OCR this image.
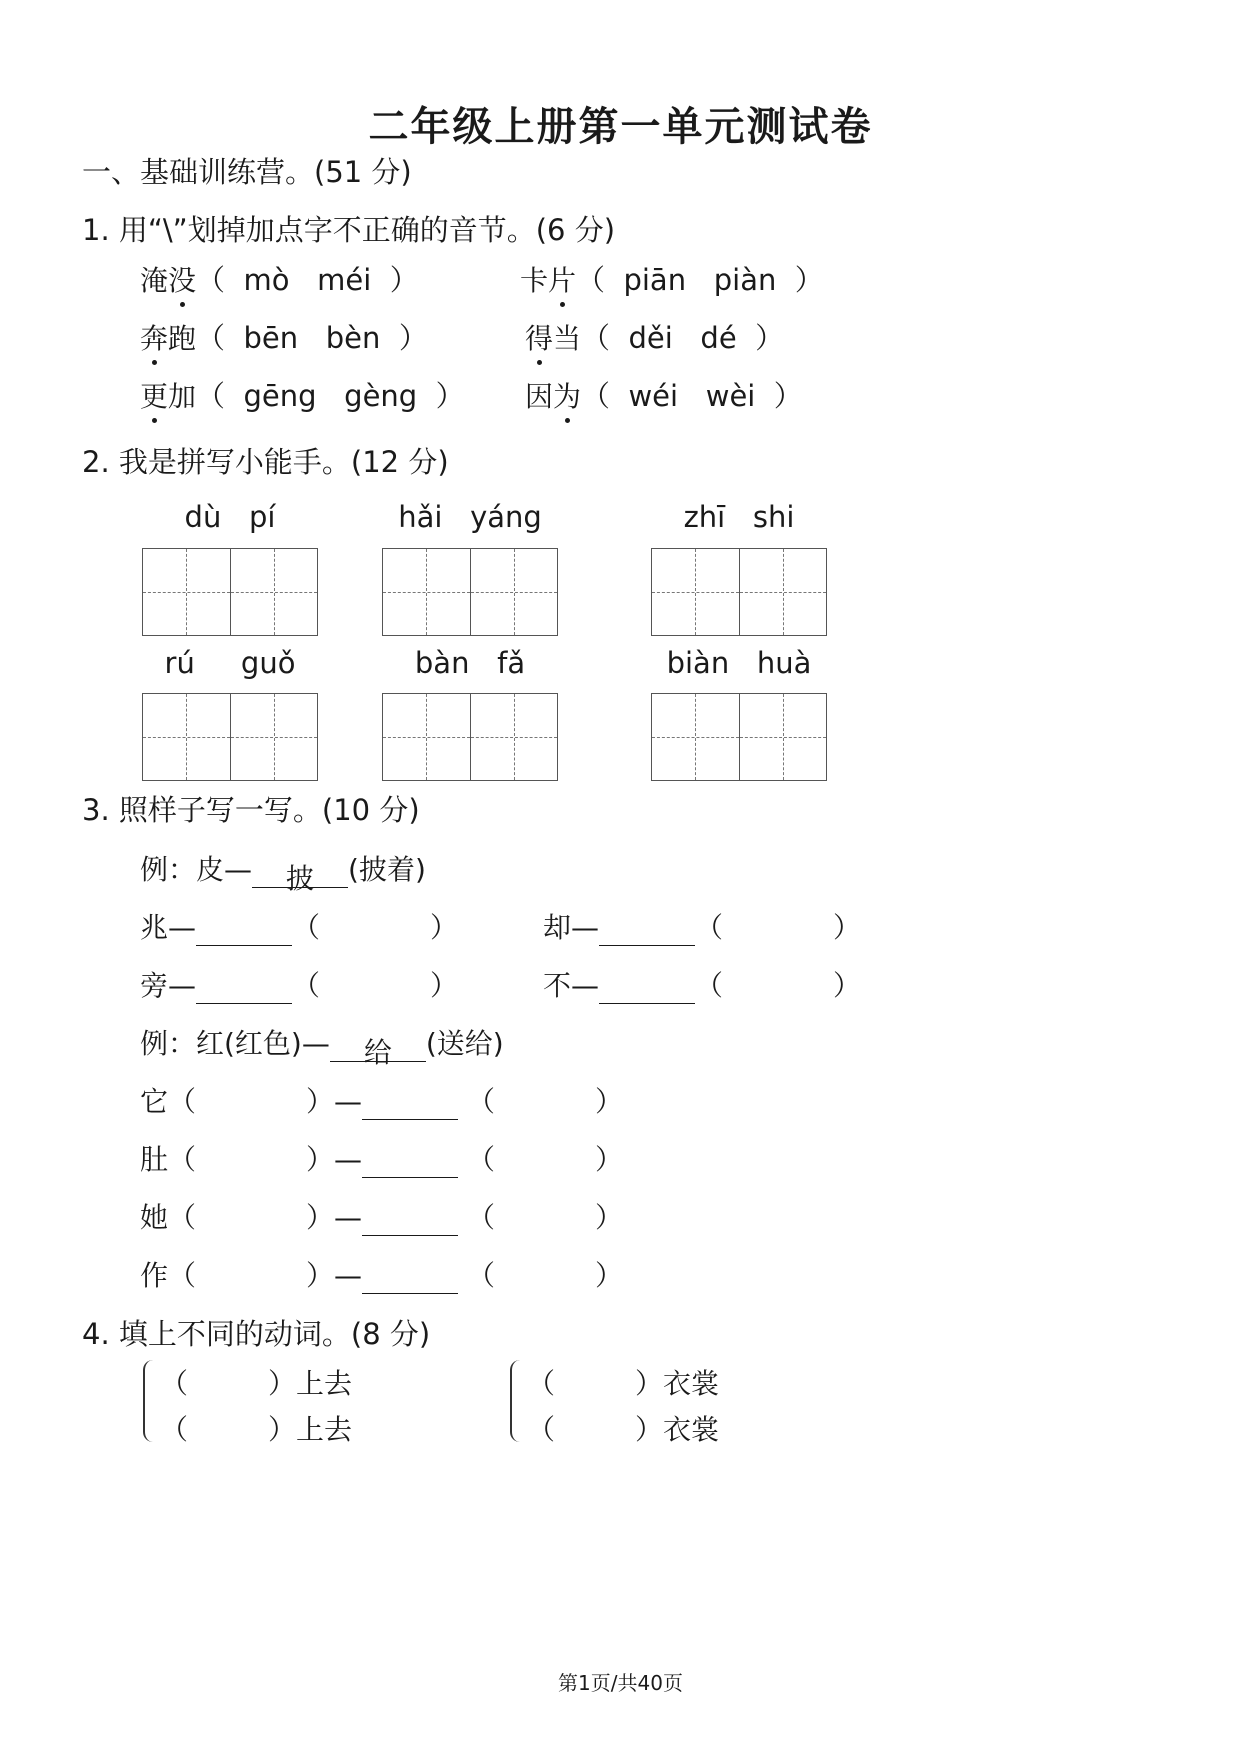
二年级上册第一单元测试卷
一、基础训练营。(51 分)
1. 用“\”划掉加点字不正确的音节。(6 分)
淹没（  mò   méi  ）	卡片（  piān   piàn  ）
奔跑（  bēn   bèn  ）	得当（  děi   dé  ）
更加（  gēng   gèng  ） 因为（  wéi   wèi  ）
2. 我是拼写小能手。(12 分)
dù   pí	hǎi   yáng	zhī   shi
rú     guǒ	bàn   fǎ	biàn   huà
3. 照样子写一写。(10 分)
例：皮— 披 (披着)
兆—	（	）	却—	（	）
旁—	（	）	不—	（	）
例：红(红色)— 给 (送给)
它（	）—	（	）
肚（	）—	（	）
她（	）—	（	）
作（	）—	（	）
4. 填上不同的动词。(8 分)
（	）上去
（	）上去
（	）衣裳
（	）衣裳
第1页/共40页
